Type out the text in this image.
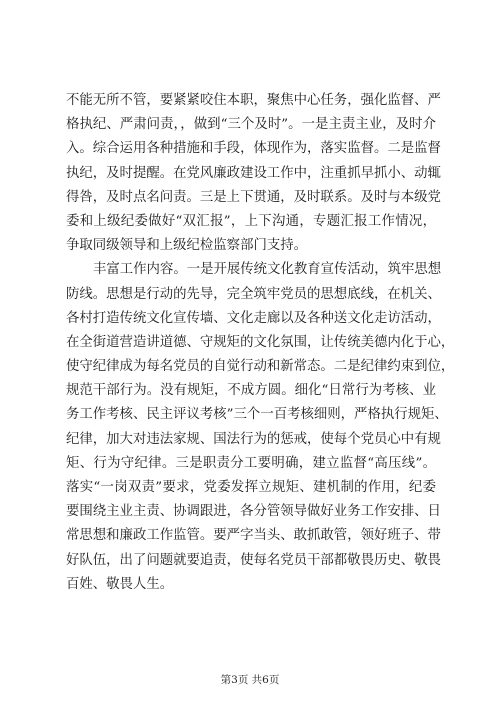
不能无所不管，要紧紧咬住本职，聚焦中心任务，强化监督、严
格执纪、严肃问责，，做到“三个及时”。一是主责主业，及时介
入。综合运用各种措施和手段，体现作为，落实监督。二是监督
执纪，及时提醒。在党风廉政建设工作中，注重抓早抓小、动辄
得咎，及时点名问责。三是上下贯通，及时联系。及时与本级党
委和上级纪委做好“双汇报”，上下沟通，专题汇报工作情况，
争取同级领导和上级纪检监察部门支持。
丰富工作内容。一是开展传统文化教育宣传活动，筑牢思想
防线。思想是行动的先导，完全筑牢党员的思想底线，在机关、
各村打造传统文化宣传墙、文化走廊以及各种送文化走访活动，
在全街道营造讲道德、守规矩的文化氛围，让传统美德内化于心，
使守纪律成为每名党员的自觉行动和新常态。二是纪律约束到位，
规范干部行为。没有规矩，不成方圆。细化“日常行为考核、业
务工作考核、民主评议考核”三个一百考核细则，严格执行规矩、
纪律，加大对违法家规、国法行为的惩戒，使每个党员心中有规
矩、行为守纪律。三是职责分工要明确，建立监督“高压线”。
落实“一岗双责”要求，党委发挥立规矩、建机制的作用，纪委
要围绕主业主责、协调跟进，各分管领导做好业务工作安排、日
常思想和廉政工作监管。要严字当头、敢抓敢管，领好班子、带
好队伍，出了问题就要追责，使每名党员干部都敬畏历史、敬畏
百姓、敬畏人生。
第3页 共6页
